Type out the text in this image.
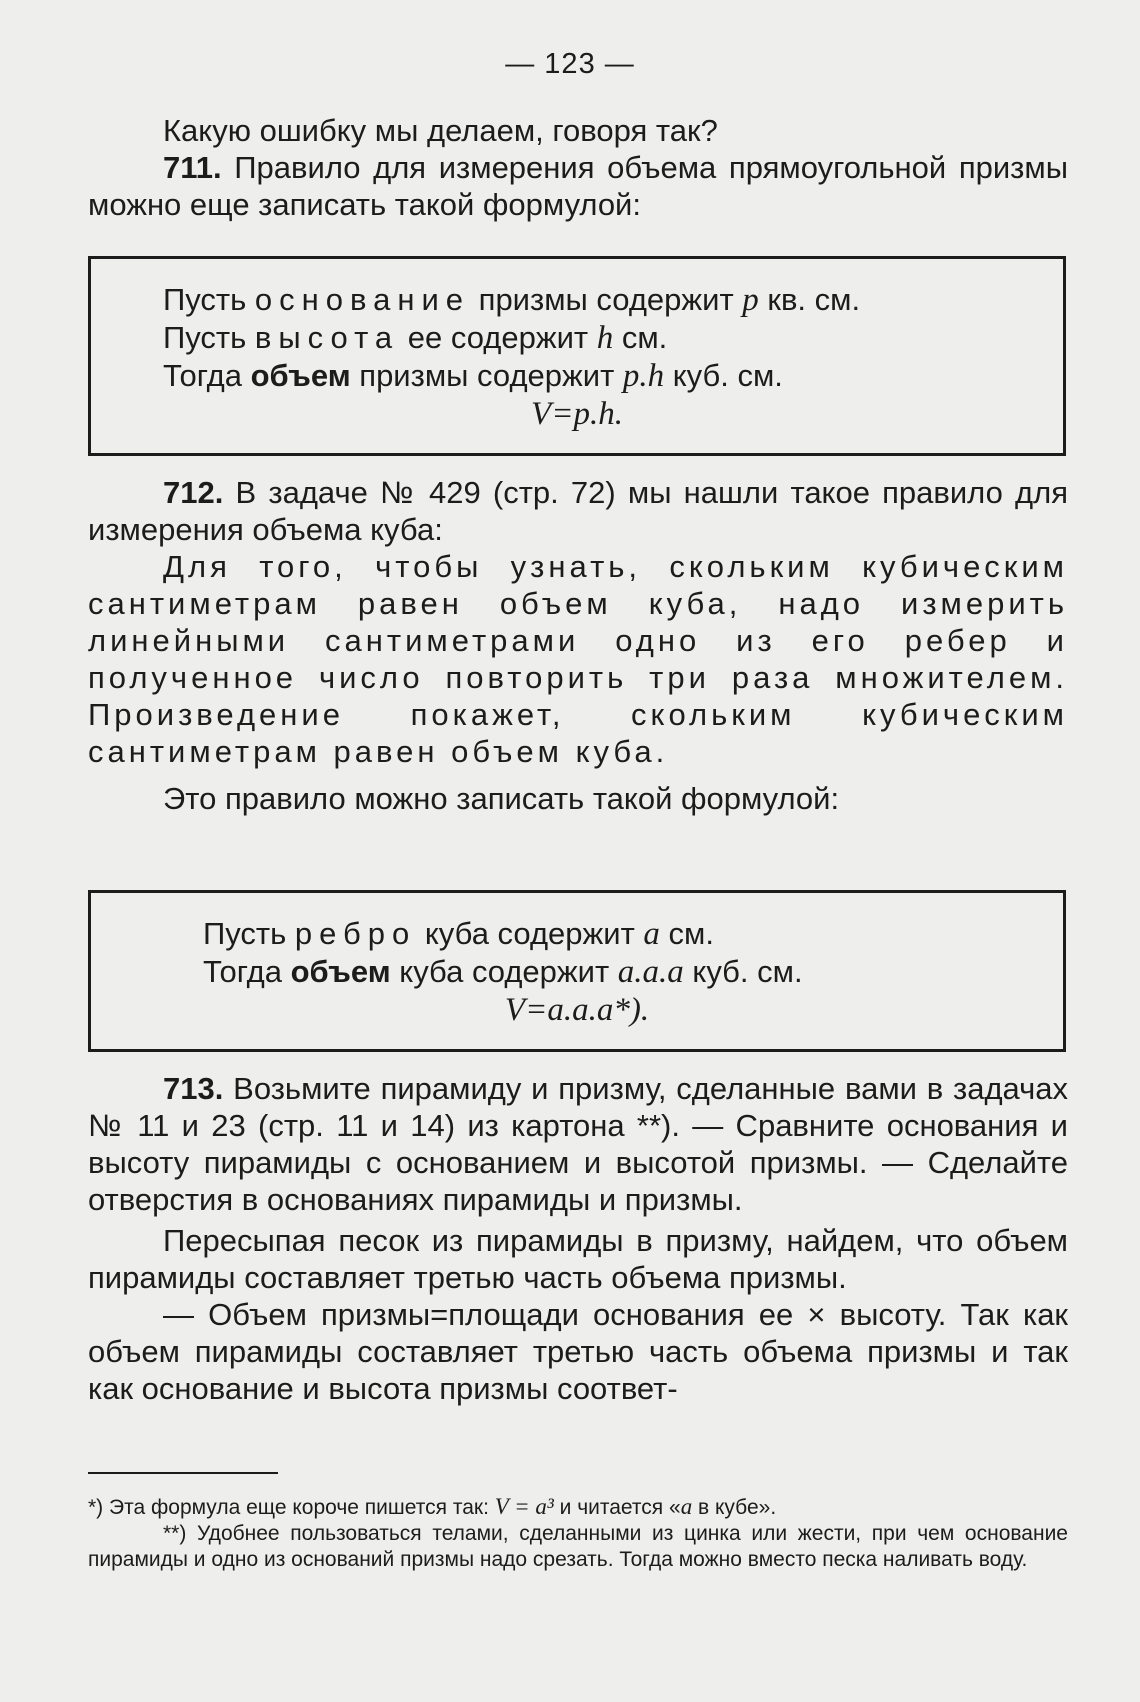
— 123 —

Какую ошибку мы делаем, говоря так?

711. Правило для измерения объема прямоугольной призмы можно еще записать такой формулой:

Пусть основание призмы содержит p кв. см.
Пусть высота ее содержит h см.
Тогда объем призмы содержит p.h куб. см.
V=p.h.

712. В задаче № 429 (стр. 72) мы нашли такое правило для измерения объема куба:

Для того, чтобы узнать, скольким кубическим сантиметрам равен объем куба, надо измерить линейными сантиметрами одно из его ребер и полученное число повторить три раза множителем. Произведение покажет, скольким кубическим сантиметрам равен объем куба.

Это правило можно записать такой формулой:

Пусть ребро куба содержит a см.
Тогда объем куба содержит a.a.a куб. см.
V=a.a.a*).

713. Возьмите пирамиду и призму, сделанные вами в задачах № 11 и 23 (стр. 11 и 14) из картона **). — Сравните основания и высоту пирамиды с основанием и высотой призмы. — Сделайте отверстия в основаниях пирамиды и призмы.

Пересыпая песок из пирамиды в призму, найдем, что объем пирамиды составляет третью часть объема призмы.

— Объем призмы=площади основания ее × высоту. Так как объем пирамиды составляет третью часть объема призмы и так как основание и высота призмы соответ-

*) Эта формула еще короче пишется так: V = a³ и читается «a в кубе».

**) Удобнее пользоваться телами, сделанными из цинка или жести, при чем основание пирамиды и одно из оснований призмы надо срезать. Тогда можно вместо песка наливать воду.
